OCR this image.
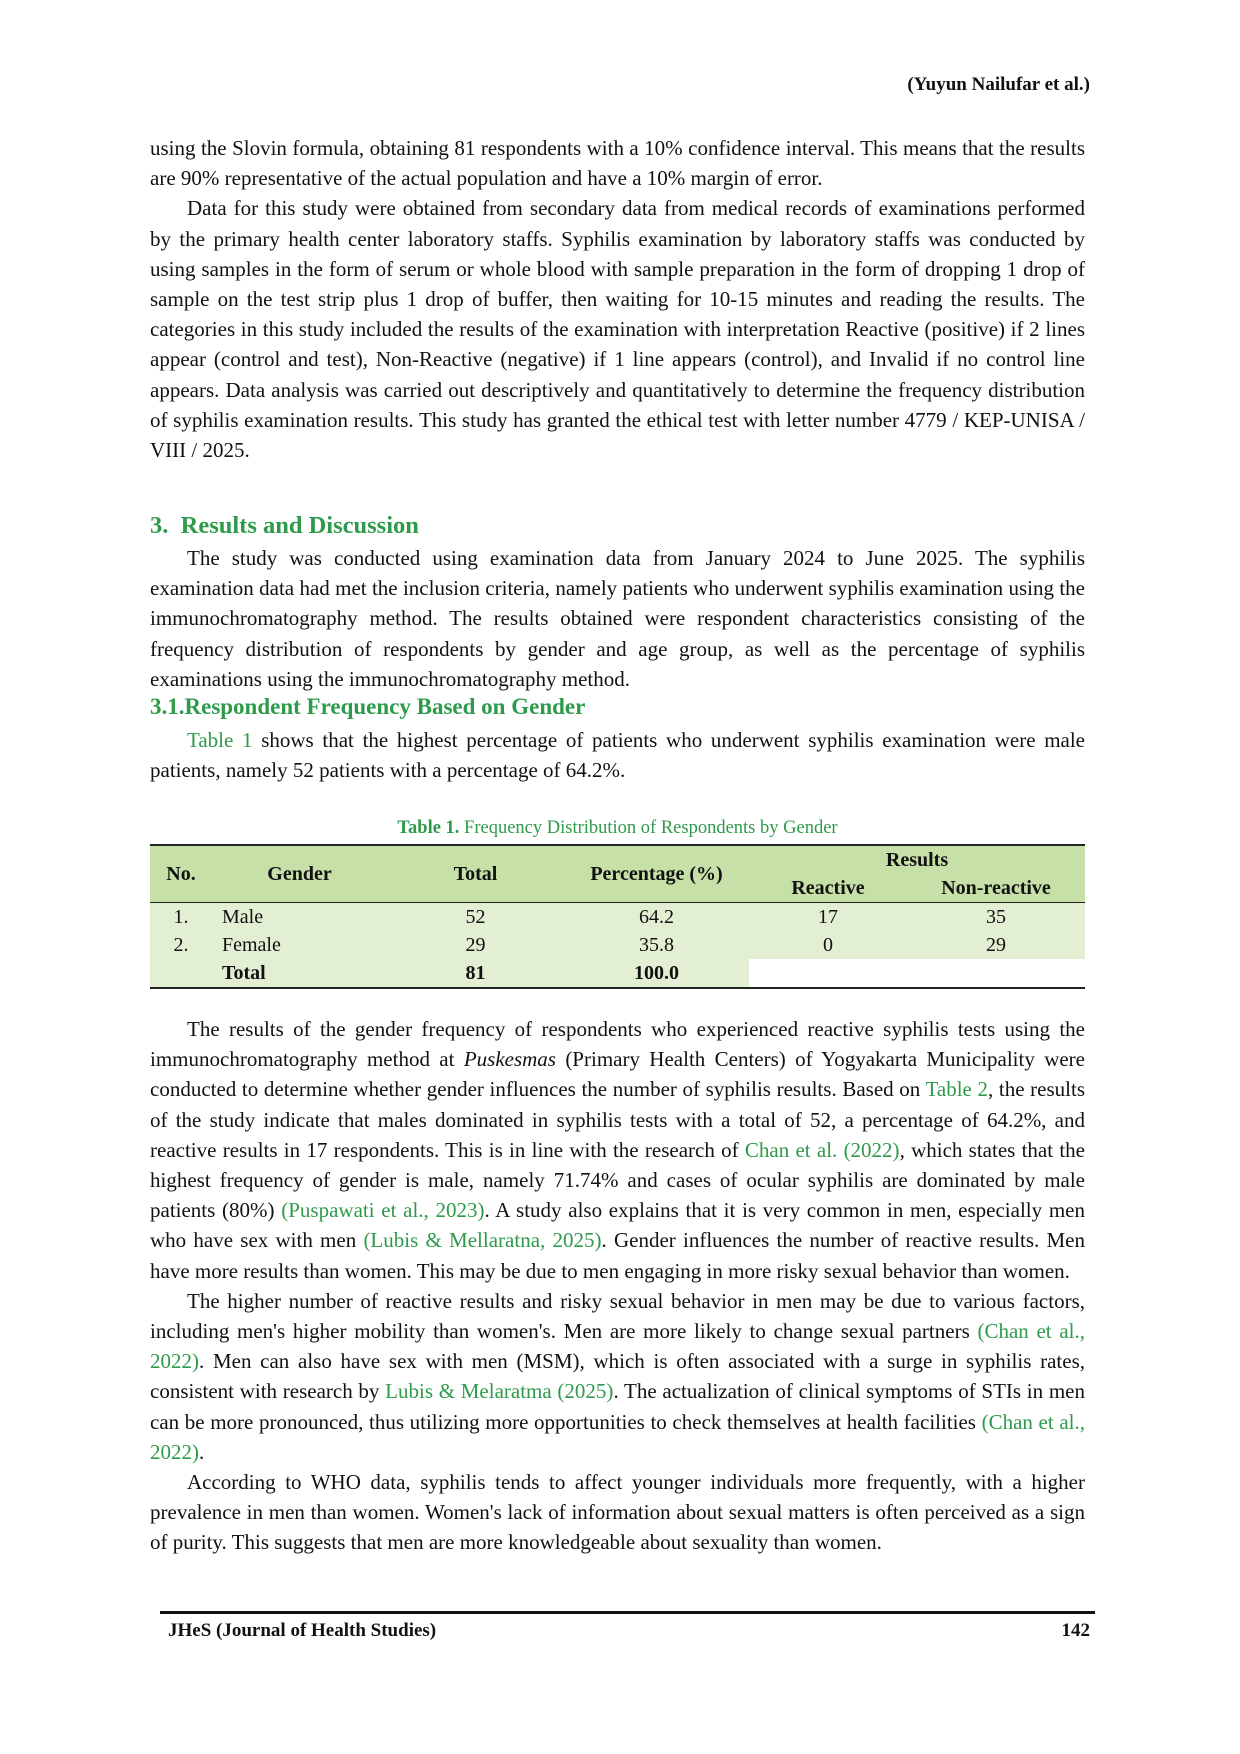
(Yuyun Nailufar et al.)

using the Slovin formula, obtaining 81 respondents with a 10% confidence interval. This means that the results are 90% representative of the actual population and have a 10% margin of error.

Data for this study were obtained from secondary data from medical records of examinations performed by the primary health center laboratory staffs. Syphilis examination by laboratory staffs was conducted by using samples in the form of serum or whole blood with sample preparation in the form of dropping 1 drop of sample on the test strip plus 1 drop of buffer, then waiting for 10-15 minutes and reading the results. The categories in this study included the results of the examination with interpretation Reactive (positive) if 2 lines appear (control and test), Non-Reactive (negative) if 1 line appears (control), and Invalid if no control line appears. Data analysis was carried out descriptively and quantitatively to determine the frequency distribution of syphilis examination results. This study has granted the ethical test with letter number 4779 / KEP-UNISA / VIII / 2025.

3.  Results and Discussion

The study was conducted using examination data from January 2024 to June 2025. The syphilis examination data had met the inclusion criteria, namely patients who underwent syphilis examination using the immunochromatography method. The results obtained were respondent characteristics consisting of the frequency distribution of respondents by gender and age group, as well as the percentage of syphilis examinations using the immunochromatography method.

3.1.Respondent Frequency Based on Gender

Table 1 shows that the highest percentage of patients who underwent syphilis examination were male patients, namely 52 patients with a percentage of 64.2%.

Table 1. Frequency Distribution of Respondents by Gender
No.	Gender	Total	Percentage (%)	Results	
				Reactive	Non-reactive
1.	Male	52	64.2	17	35
2.	Female	29	35.8	0	29
	Total	81	100.0		

The results of the gender frequency of respondents who experienced reactive syphilis tests using the immunochromatography method at Puskesmas (Primary Health Centers) of Yogyakarta Municipality were conducted to determine whether gender influences the number of syphilis results. Based on Table 2, the results of the study indicate that males dominated in syphilis tests with a total of 52, a percentage of 64.2%, and reactive results in 17 respondents. This is in line with the research of Chan et al. (2022), which states that the highest frequency of gender is male, namely 71.74% and cases of ocular syphilis are dominated by male patients (80%) (Puspawati et al., 2023). A study also explains that it is very common in men, especially men who have sex with men (Lubis & Mellaratna, 2025). Gender influences the number of reactive results. Men have more results than women. This may be due to men engaging in more risky sexual behavior than women.

The higher number of reactive results and risky sexual behavior in men may be due to various factors, including men's higher mobility than women's. Men are more likely to change sexual partners (Chan et al., 2022). Men can also have sex with men (MSM), which is often associated with a surge in syphilis rates, consistent with research by Lubis & Melaratma (2025). The actualization of clinical symptoms of STIs in men can be more pronounced, thus utilizing more opportunities to check themselves at health facilities (Chan et al., 2022).

According to WHO data, syphilis tends to affect younger individuals more frequently, with a higher prevalence in men than women. Women's lack of information about sexual matters is often perceived as a sign of purity. This suggests that men are more knowledgeable about sexuality than women.

JHeS (Journal of Health Studies)	142
